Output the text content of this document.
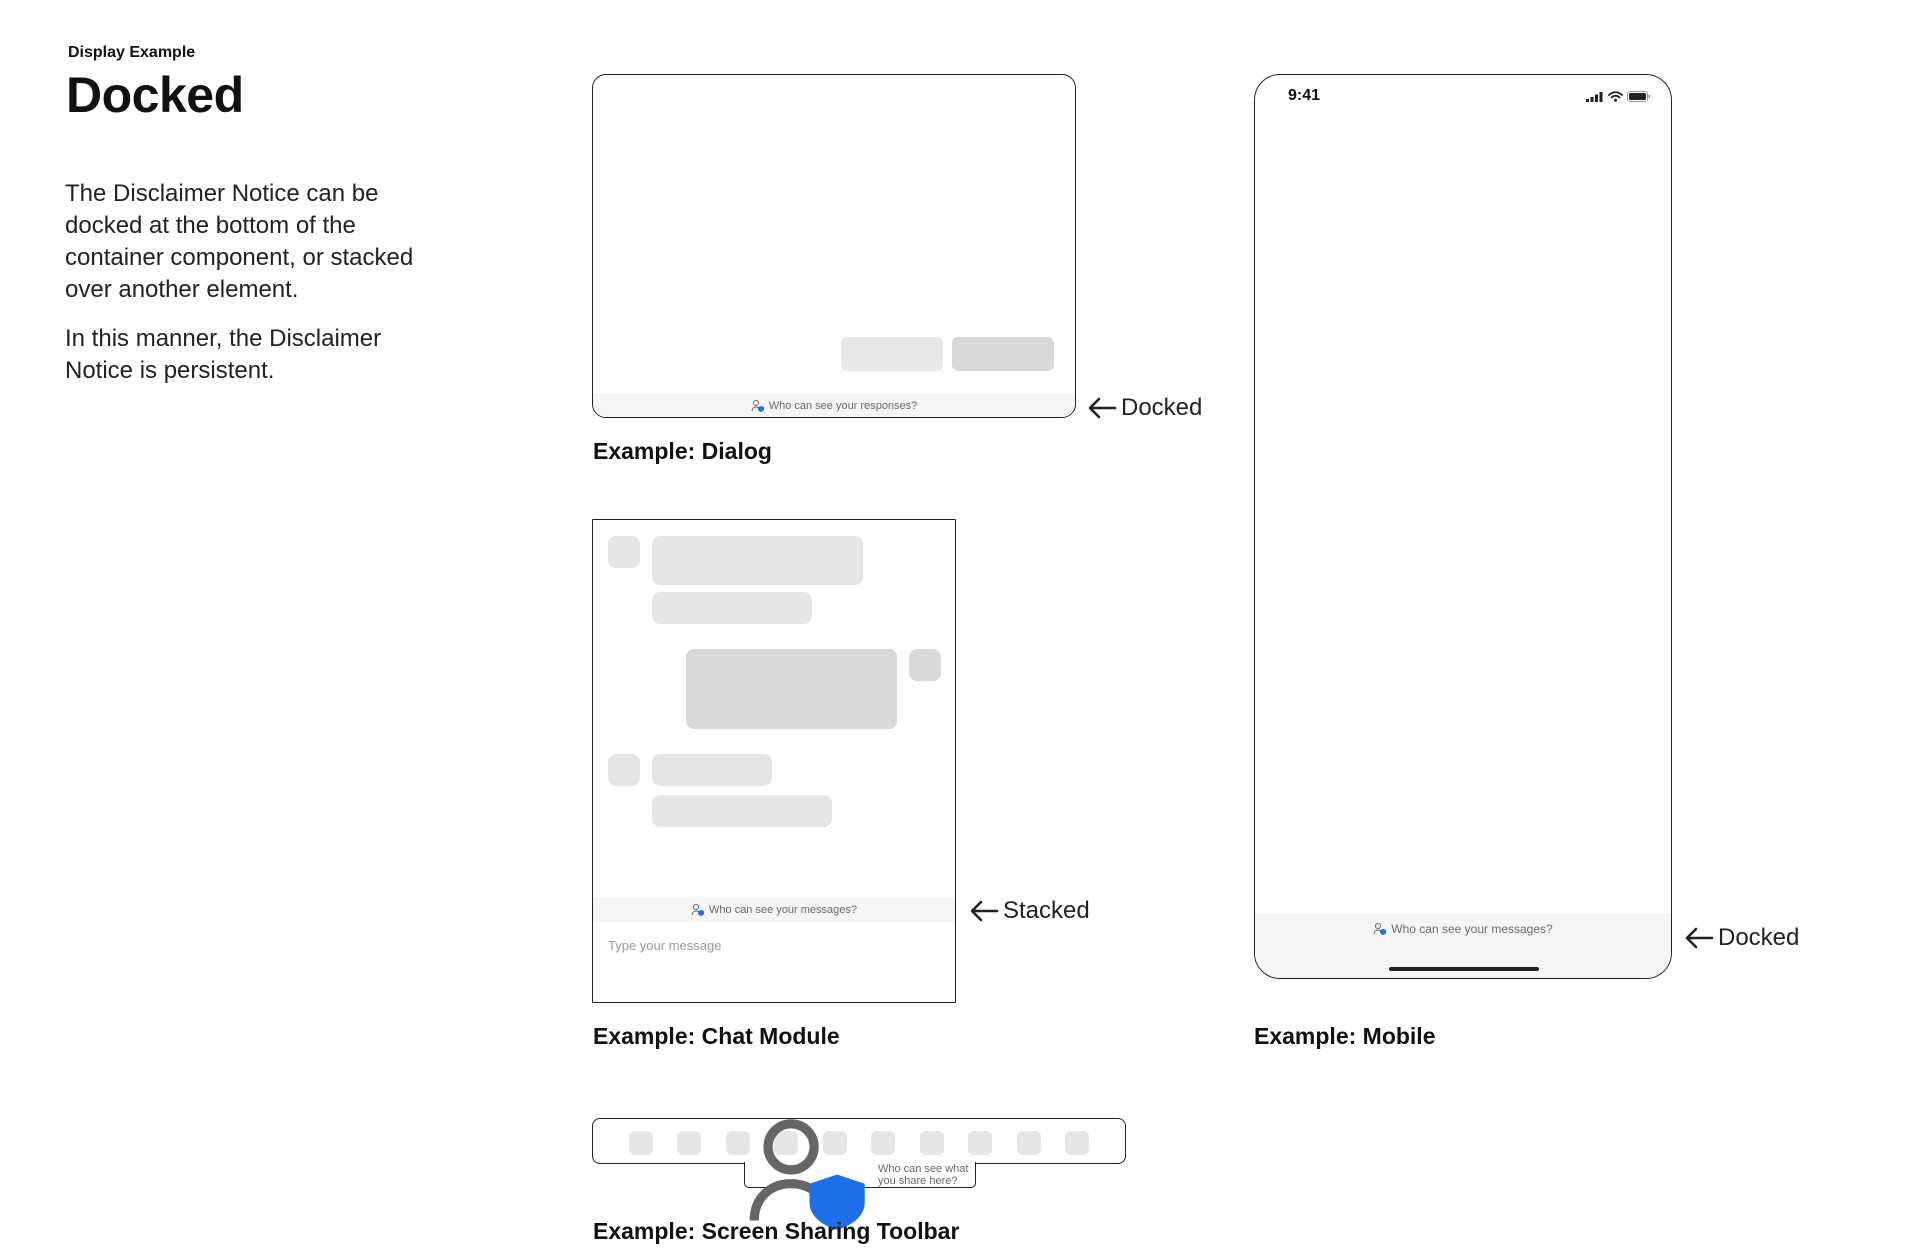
Display Example
Docked
The Disclaimer Notice can be docked at the bottom of the container component, or stacked over another element.
In this manner, the Disclaimer Notice is persistent.
Who can see your responses?	Docked
Example: Dialog
Who can see your messages?
Type your message
Stacked
Example: Chat Module
9:41
Who can see your messages?	Docked
Example: Mobile
Who can see what you share here?
Example: Screen Sharing Toolbar
